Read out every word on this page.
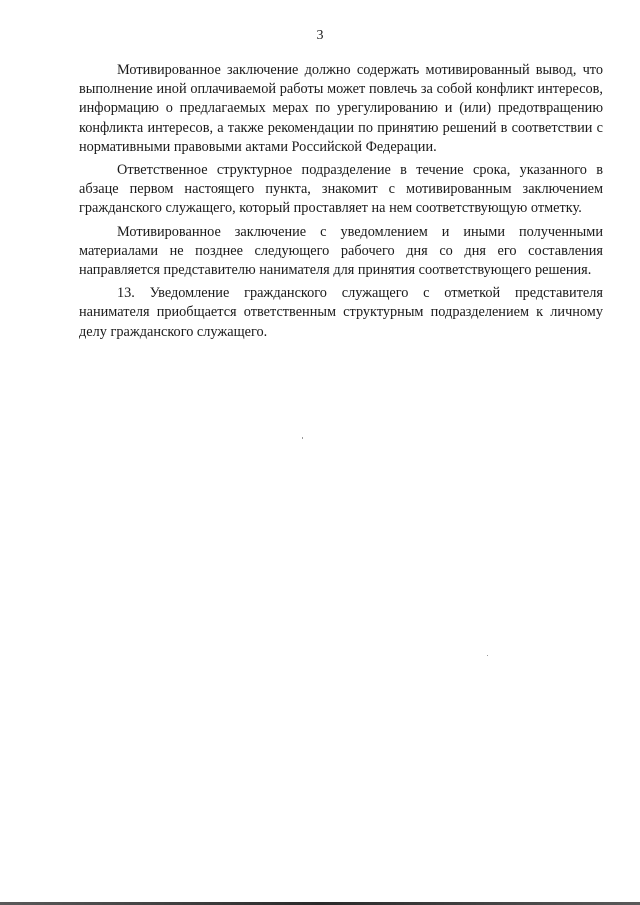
3

Мотивированное заключение должно содержать мотивированный вывод, что выполнение иной оплачиваемой работы может повлечь за собой конфликт интересов, информацию о предлагаемых мерах по урегулированию и (или) предотвращению конфликта интересов, а также рекомендации по принятию решений в соответствии с нормативными правовыми актами Российской Федерации.

Ответственное структурное подразделение в течение срока, указанного в абзаце первом настоящего пункта, знакомит с мотивированным заключением гражданского служащего, который проставляет на нем соответствующую отметку.

Мотивированное заключение с уведомлением и иными полученными материалами не позднее следующего рабочего дня со дня его составления направляется представителю нанимателя для принятия соответствующего решения.

13. Уведомление гражданского служащего с отметкой представителя нанимателя приобщается ответственным структурным подразделением к личному делу гражданского служащего.
